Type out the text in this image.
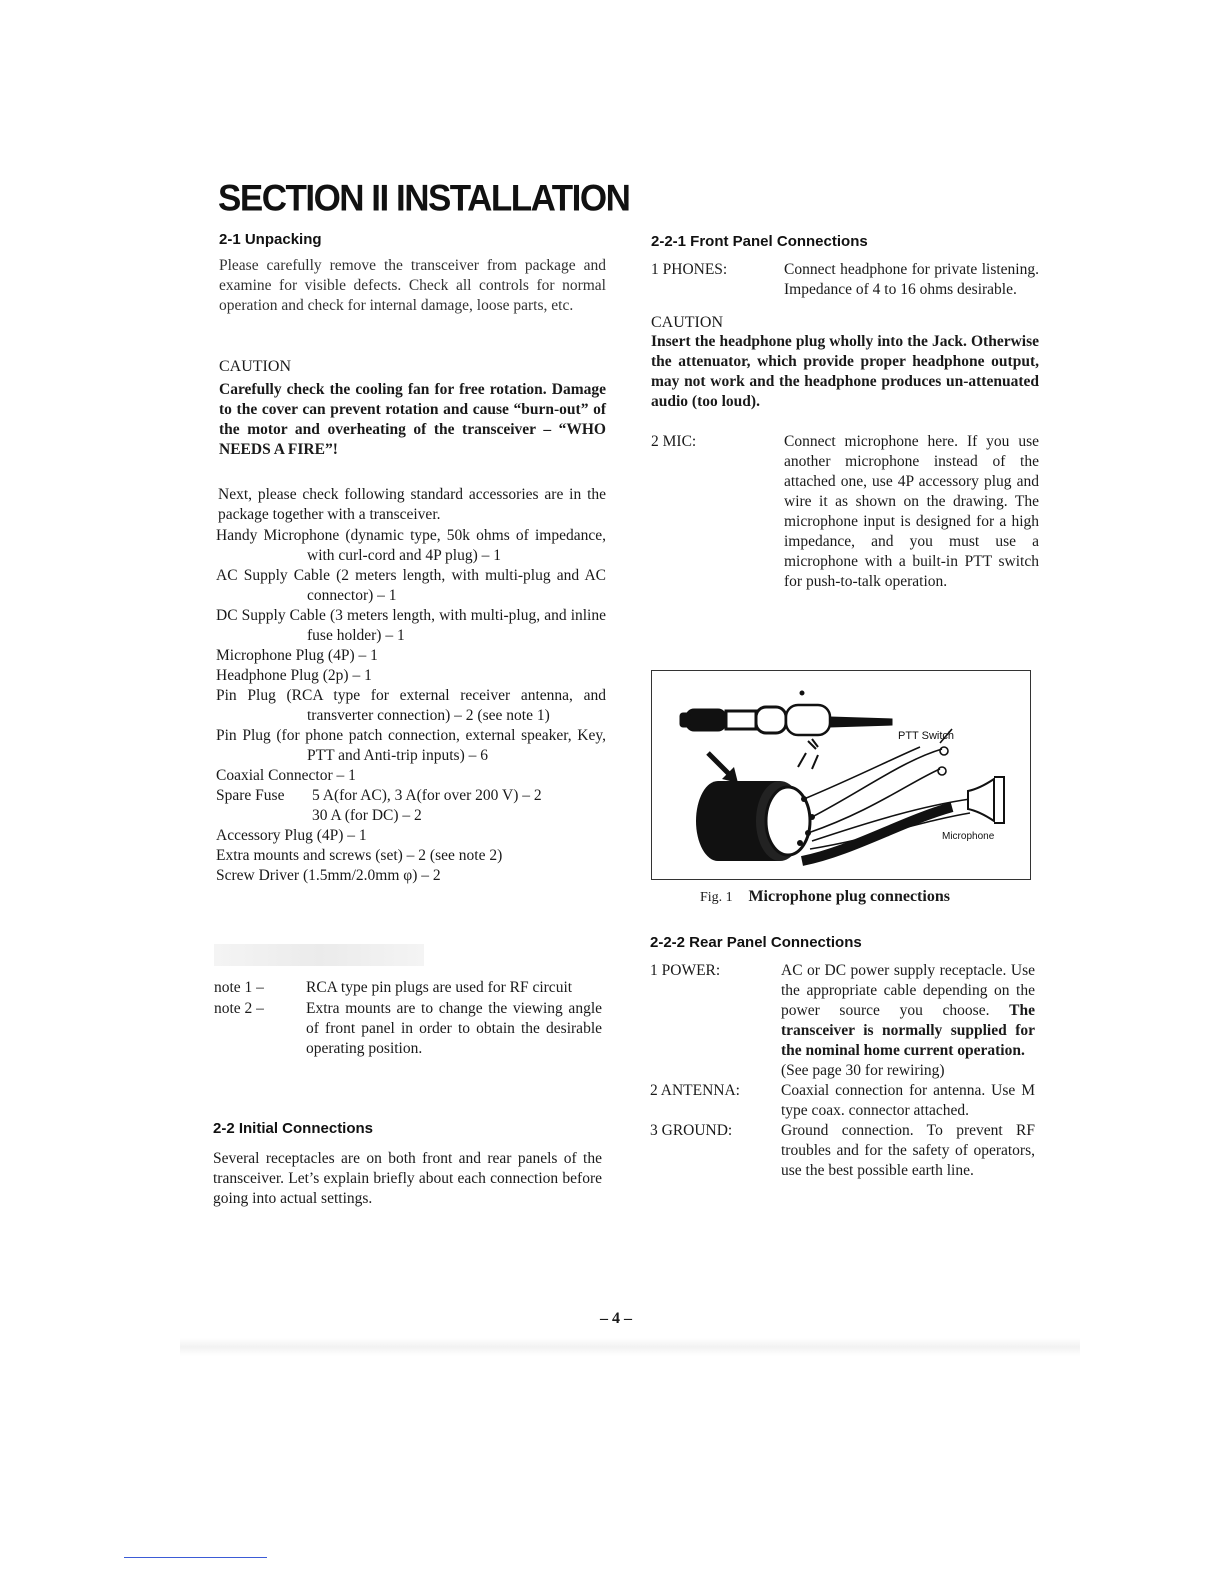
SECTION II INSTALLATION
2-1 Unpacking

Please carefully remove the transceiver from package and examine for visible defects. Check all controls for normal operation and check for internal damage, loose parts, etc.

CAUTION

Carefully check the cooling fan for free rotation. Damage to the cover can prevent rotation and cause “burn-out” of the motor and overheating of the transceiver – “WHO NEEDS A FIRE”!

Next, please check following standard accessories are in the package together with a transceiver.

Handy Microphone (dynamic type, 50k ohms of impedance, with curl-cord and 4P plug) – 1
AC Supply Cable (2 meters length, with multi-plug and AC connector) – 1
DC Supply Cable (3 meters length, with multi-plug, and inline fuse holder) – 1
Microphone Plug (4P) – 1
Headphone Plug (2p) – 1
Pin Plug (RCA type for external receiver antenna, and transverter connection) – 2 (see note 1)
Pin Plug (for phone patch connection, external speaker, Key, PTT and Anti-trip inputs) – 6
Coaxial Connector – 1
Spare Fuse	5 A(for AC), 3 A(for over 200 V) – 2
30 A (for DC) – 2
Accessory Plug (4P) – 1
Extra mounts and screws (set) – 2 (see note 2)
Screw Driver (1.5mm/2.0mm φ) – 2
note 1 –	RCA type pin plugs are used for RF circuit
note 2 –	Extra mounts are to change the viewing angle of front panel in order to obtain the desirable operating position.
2-2 Initial Connections

Several receptacles are on both front and rear panels of the transceiver. Let’s explain briefly about each connection before going into actual settings.

2-2-1 Front Panel Connections
1 PHONES:	Connect headphone for private listening. Impedance of 4 to 16 ohms desirable.

CAUTION

Insert the headphone plug wholly into the Jack. Otherwise the attenuator, which provide proper headphone output, may not work and the headphone produces un-attenuated audio (too loud).

2 MIC:	Connect microphone here. If you use another microphone instead of the attached one, use 4P accessory plug and wire it as shown on the drawing. The microphone input is designed for a high impedance, and you must use a microphone with a built-in PTT switch for push-to-talk operation.
PTT Switch
Microphone
Fig. 1 Microphone plug connections
2-2-2 Rear Panel Connections
1 POWER:	AC or DC power supply receptacle. Use the appropriate cable depending on the power source you choose. The transceiver is normally supplied for the nominal home current operation.
(See page 30 for rewiring)
2 ANTENNA:	Coaxial connection for antenna. Use M type coax. connector attached.
3 GROUND:	Ground connection. To prevent RF troubles and for the safety of operators, use the best possible earth line.
– 4 –
